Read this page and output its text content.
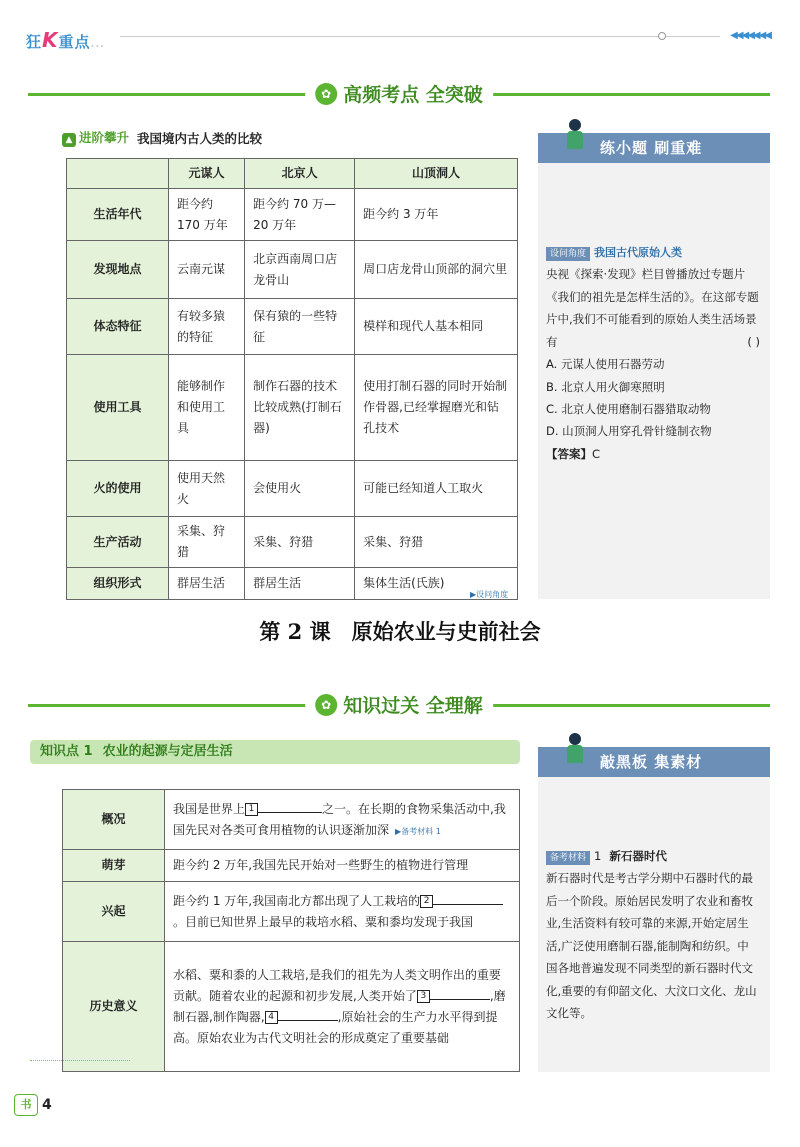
狂K重点...
◀◀◀◀◀◀◀
✿ 高频考点 全突破
▲ 进阶攀升 我国境内古人类的比较
	元谋人	北京人	山顶洞人
生活年代	距今约 170 万年	距今约 70 万— 20 万年	距今约 3 万年
发现地点	云南元谋	北京西南周口店龙骨山	周口店龙骨山顶部的洞穴里
体态特征	有较多猿的特征	保有猿的一些特征	模样和现代人基本相同
使用工具	能够制作和使用工具	制作石器的技术比较成熟(打制石器)	使用打制石器的同时开始制作骨器,已经掌握磨光和钻孔技术
火的使用	使用天然火	会使用火	可能已经知道人工取火
生产活动	采集、狩猎	采集、狩猎	采集、狩猎
组织形式	群居生活	群居生活	集体生活(氏族)
▶设问角度
练小题 刷重难
设问角度 我国古代原始人类
央视《探索·发现》栏目曾播放过专题片《我们的祖先是怎样生活的》。在这部专题片中,我们不可能看到的原始人类生活场景有	( )
A. 元谋人使用石器劳动
B. 北京人用火御寒照明
C. 北京人使用磨制石器猎取动物
D. 山顶洞人用穿孔骨针缝制衣物
【答案】C
第 2 课　原始农业与史前社会
✿ 知识过关 全理解
知识点 1 农业的起源与定居生活
概况	我国是世界上 1 之一。在长期的食物采集活动中,我国先民对各类可食用植物的认识逐渐加深 ▶备考材料 1
萌芽	距今约 2 万年,我国先民开始对一些野生的植物进行管理
兴起	距今约 1 万年,我国南北方都出现了人工栽培的 2。目前已知世界上最早的栽培水稻、粟和黍均发现于我国
历史意义	水稻、粟和黍的人工栽培,是我们的祖先为人类文明作出的重要贡献。随着农业的起源和初步发展,人类开始了 3 ,磨制石器,制作陶器, 4 ,原始社会的生产力水平得到提高。原始农业为古代文明社会的形成奠定了重要基础
敲黑板 集素材
备考材料 1 新石器时代
新石器时代是考古学分期中石器时代的最后一个阶段。原始居民发明了农业和畜牧业,生活资料有较可靠的来源,开始定居生活,广泛使用磨制石器,能制陶和纺织。中国各地普遍发现不同类型的新石器时代文化,重要的有仰韶文化、大汶口文化、龙山文化等。
书 4
